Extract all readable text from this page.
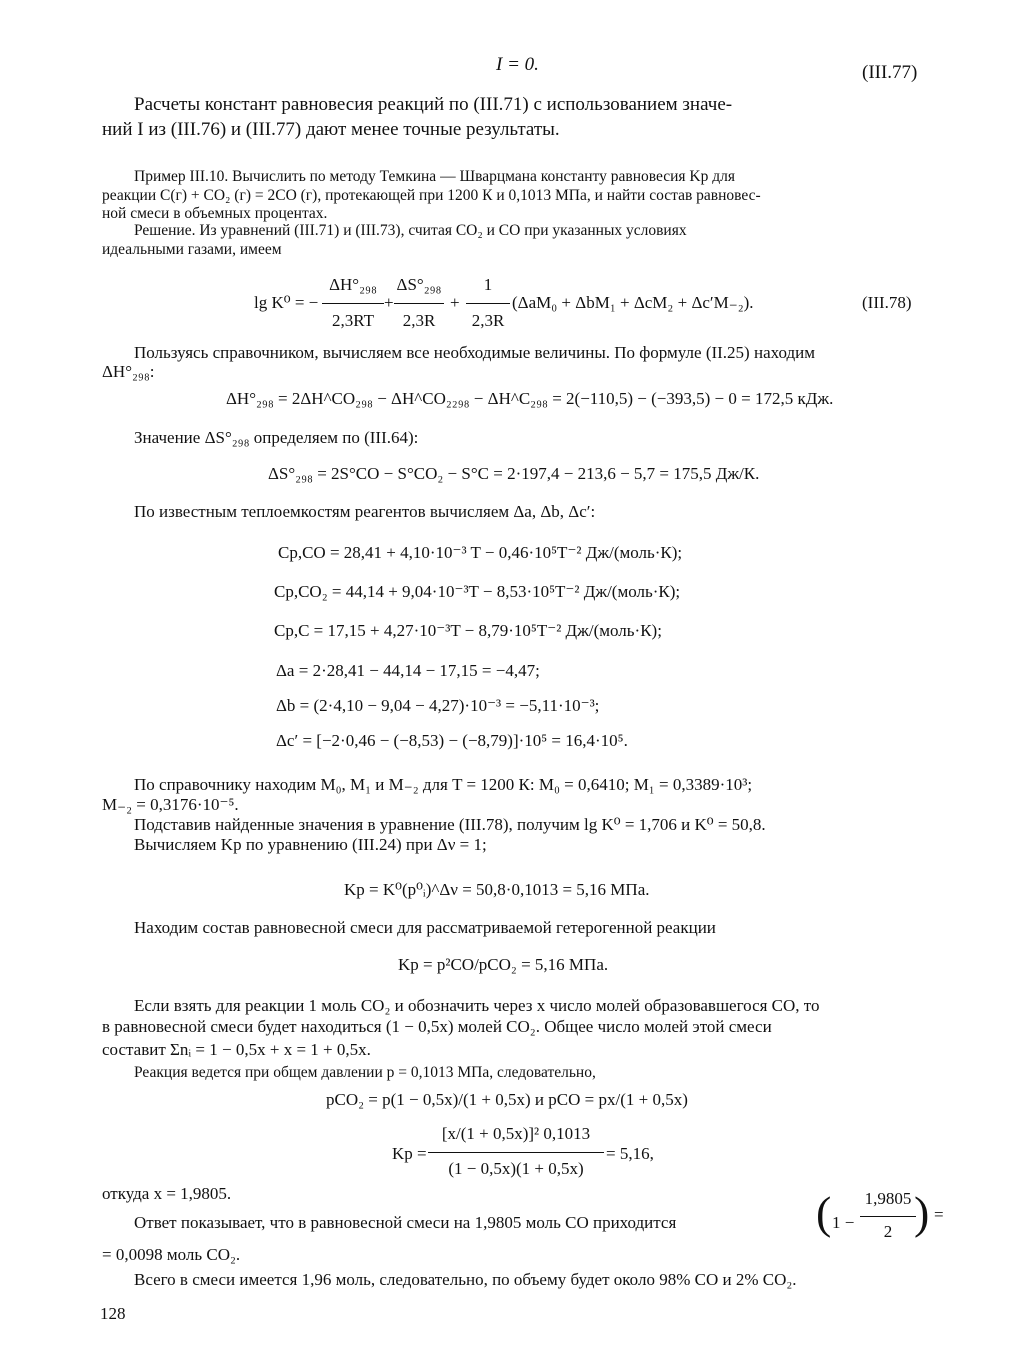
I = 0.	(III.77)
Расчеты констант равновесия реакций по (III.71) с использованием значе-
ний I из (III.76) и (III.77) дают менее точные результаты.
Пример III.10. Вычислить по методу Темкина — Шварцмана константу равновесия Kp для
реакции C(г) + CO₂ (г) = 2CO (г), протекающей при 1200 К и 0,1013 МПа, и найти состав равновес-
ной смеси в объемных процентах.
Решение. Из уравнений (III.71) и (III.73), считая CO₂ и CO при указанных условиях
идеальными газами, имеем
lg K⁰ = −
ΔH°₂₉₈
2,3RT
+
ΔS°₂₉₈
2,3R
+
1
2,3R
(ΔaM₀ + ΔbM₁ + ΔcM₂ + Δc′M₋₂).	(III.78)
Пользуясь справочником, вычисляем все необходимые величины. По формуле (II.25) находим
ΔH°₂₉₈:
ΔH°₂₉₈ = 2ΔH^CO₂₉₈ − ΔH^CO₂₂₉₈ − ΔH^C₂₉₈ = 2(−110,5) − (−393,5) − 0 = 172,5 кДж.
Значение ΔS°₂₉₈ определяем по (III.64):
ΔS°₂₉₈ = 2S°CO − S°CO₂ − S°C = 2·197,4 − 213,6 − 5,7 = 175,5 Дж/К.
По известным теплоемкостям реагентов вычисляем Δa, Δb, Δc′:
Cp,CO = 28,41 + 4,10·10⁻³ T − 0,46·10⁵T⁻² Дж/(моль·К);
Cp,CO₂ = 44,14 + 9,04·10⁻³T − 8,53·10⁵T⁻² Дж/(моль·К);
Cp,C = 17,15 + 4,27·10⁻³T − 8,79·10⁵T⁻² Дж/(моль·К);
Δa = 2·28,41 − 44,14 − 17,15 = −4,47;
Δb = (2·4,10 − 9,04 − 4,27)·10⁻³ = −5,11·10⁻³;
Δc′ = [−2·0,46 − (−8,53) − (−8,79)]·10⁵ = 16,4·10⁵.
По справочнику находим M₀, M₁ и M₋₂ для T = 1200 К: M₀ = 0,6410; M₁ = 0,3389·10³;
M₋₂ = 0,3176·10⁻⁵.
Подставив найденные значения в уравнение (III.78), получим lg K⁰ = 1,706 и K⁰ = 50,8.
Вычисляем Kp по уравнению (III.24) при Δν = 1;
Kp = K⁰(p⁰ᵢ)^Δν = 50,8·0,1013 = 5,16 МПа.
Находим состав равновесной смеси для рассматриваемой гетерогенной реакции
Kp = p²CO/pCO₂ = 5,16 МПа.
Если взять для реакции 1 моль CO₂ и обозначить через x число молей образовавшегося CO, то
в равновесной смеси будет находиться (1 − 0,5x) молей CO₂. Общее число молей этой смеси
составит Σnᵢ = 1 − 0,5x + x = 1 + 0,5x.
Реакция ведется при общем давлении p = 0,1013 МПа, следовательно,
pCO₂ = p(1 − 0,5x)/(1 + 0,5x) и pCO = px/(1 + 0,5x)
Kp =
[x/(1 + 0,5x)]² 0,1013
(1 − 0,5x)(1 + 0,5x)
= 5,16,
откуда x = 1,9805.
Ответ показывает, что в равновесной смеси на 1,9805 моль CO приходится	( 1 −
1,9805
2 ) =
= 0,0098 моль CO₂.
Всего в смеси имеется 1,96 моль, следовательно, по объему будет около 98% CO и 2% CO₂.
128
